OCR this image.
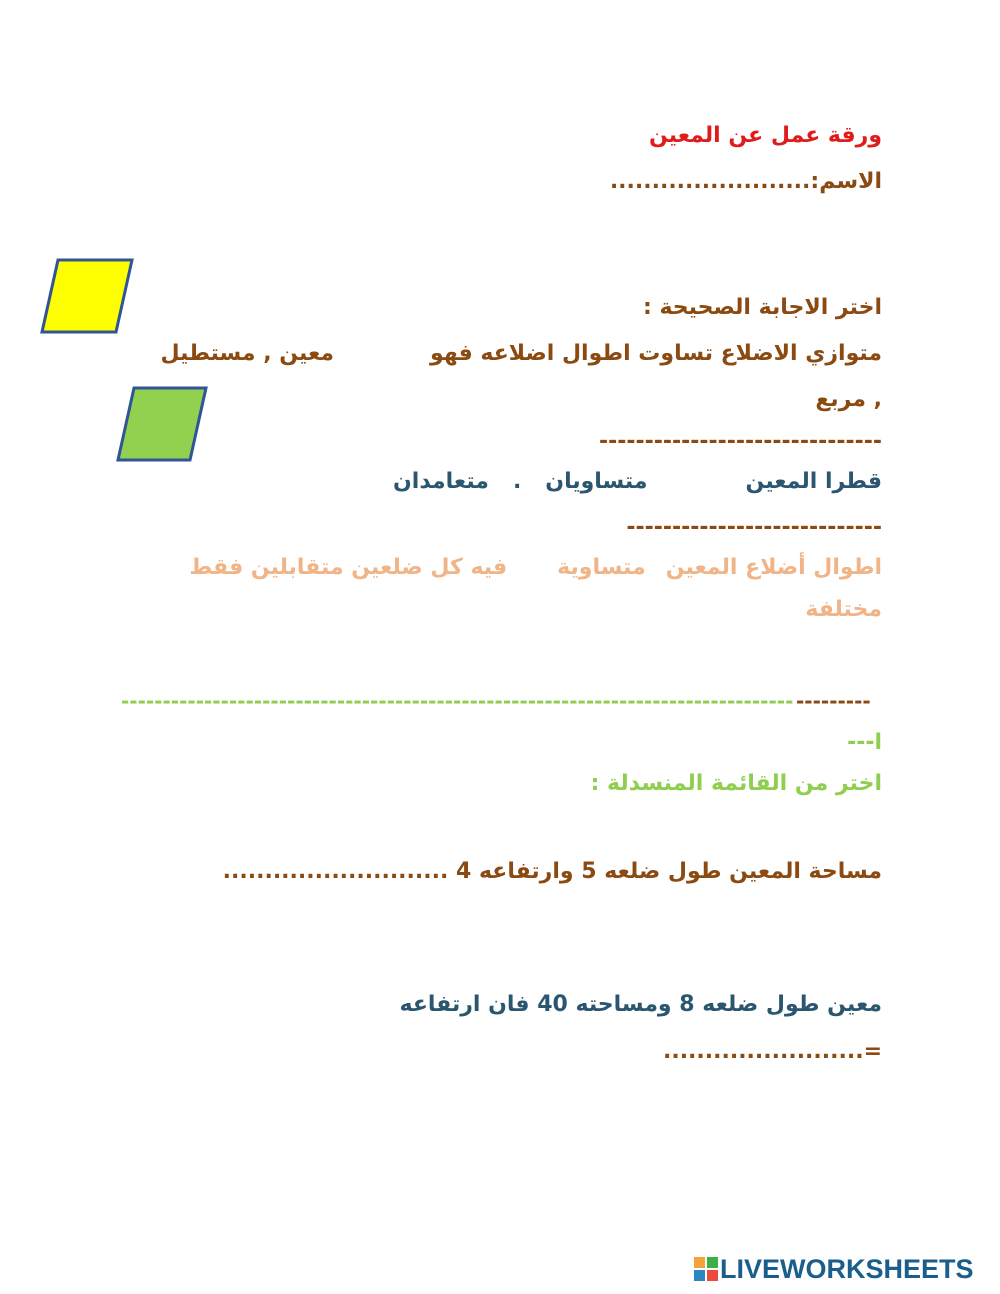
ورقة عمل عن المعين
الاسم:........................
اختر الاجابة الصحيحة :
متوازي الاضلاع تساوت اطوال اضلاعه فهومعين , مستطيل
, مربع
-------------------------------
قطرا المعينمتساويان.متعامدان
----------------------------
اطوال أضلاع المعينمتساويةفيه كل ضلعين متقابلين فقط
مختلفة
--------------------------------------------------------------------------------- ---------
ا---
اختر من القائمة المنسدلة :
مساحة المعين طول ضلعه 5 وارتفاعه 4 ...........................
معين طول ضلعه 8 ومساحته 40 فان ارتفاعه
=........................
LIVEWORKSHEETS
